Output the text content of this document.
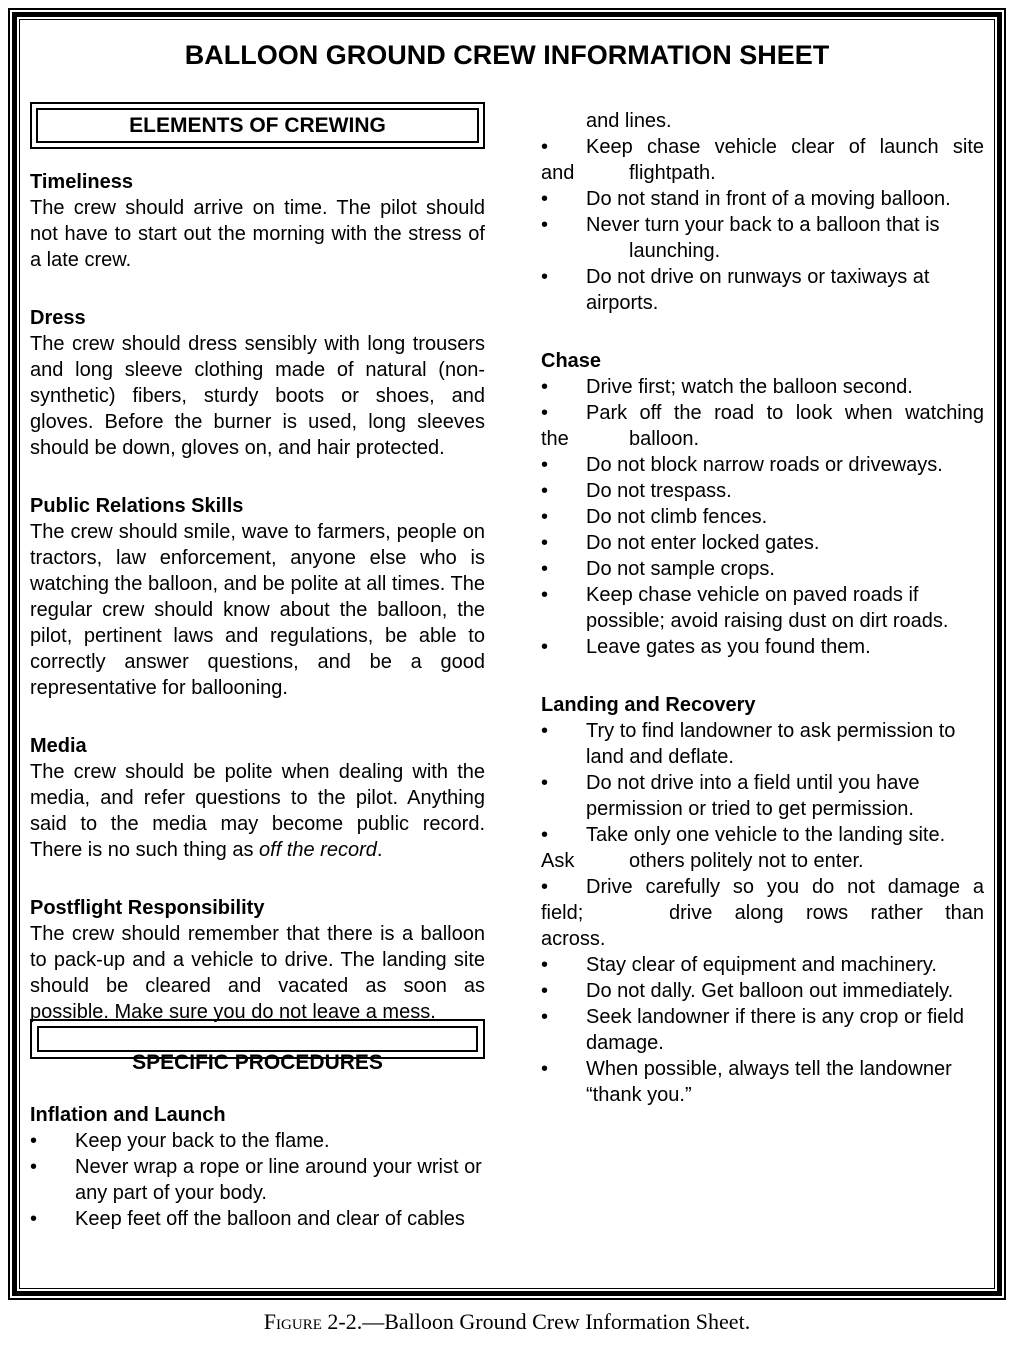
BALLOON GROUND CREW INFORMATION SHEET
ELEMENTS OF CREWING
Timeliness
The crew should arrive on time. The pilot should not have to start out the morning with the stress of a late crew.
Dress
The crew should dress sensibly with long trousers and long sleeve clothing made of natural (non-synthetic) fibers, sturdy boots or shoes, and gloves. Before the burner is used, long sleeves should be down, gloves on, and hair protected.
Public Relations Skills
The crew should smile, wave to farmers, people on tractors, law enforcement, anyone else who is watching the balloon, and be polite at all times. The regular crew should know about the balloon, the pilot, pertinent laws and regulations, be able to correctly answer questions, and be a good representative for ballooning.
Media
The crew should be polite when dealing with the media, and refer questions to the pilot. Anything said to the media may become public record. There is no such thing as off the record.
Postflight Responsibility
The crew should remember that there is a balloon to pack-up and a vehicle to drive. The landing site should be cleared and vacated as soon as possible. Make sure you do not leave a mess.
SPECIFIC PROCEDURES
Inflation and Launch
•	Keep your back to the flame.
•	Never wrap a rope or line around your wrist or any part of your body.
•	Keep feet off the balloon and clear of cables
and lines.
•	Keep chase vehicle clear of launch site
and	flightpath.
•	Do not stand in front of a moving balloon.
•	Never turn your back to a balloon that is
launching.
•	Do not drive on runways or taxiways at airports.
Chase
•	Drive first; watch the balloon second.
•	Park off the road to look when watching
the	balloon.
•	Do not block narrow roads or driveways.
•	Do not trespass.
•	Do not climb fences.
•	Do not enter locked gates.
•	Do not sample crops.
•	Keep chase vehicle on paved roads if possible; avoid raising dust on dirt roads.
•	Leave gates as you found them.
Landing and Recovery
•	Try to find landowner to ask permission to land and deflate.
•	Do not drive into a field until you have permission or tried to get permission.
•	Take only one vehicle to the landing site.
Ask	others politely not to enter.
•	Drive carefully so you do not damage a
field;	drive along rows rather than
across.
•	Stay clear of equipment and machinery.
•	Do not dally. Get balloon out immediately.
•	Seek landowner if there is any crop or field damage.
•	When possible, always tell the landowner “thank you.”
Figure 2-2.—Balloon Ground Crew Information Sheet.
